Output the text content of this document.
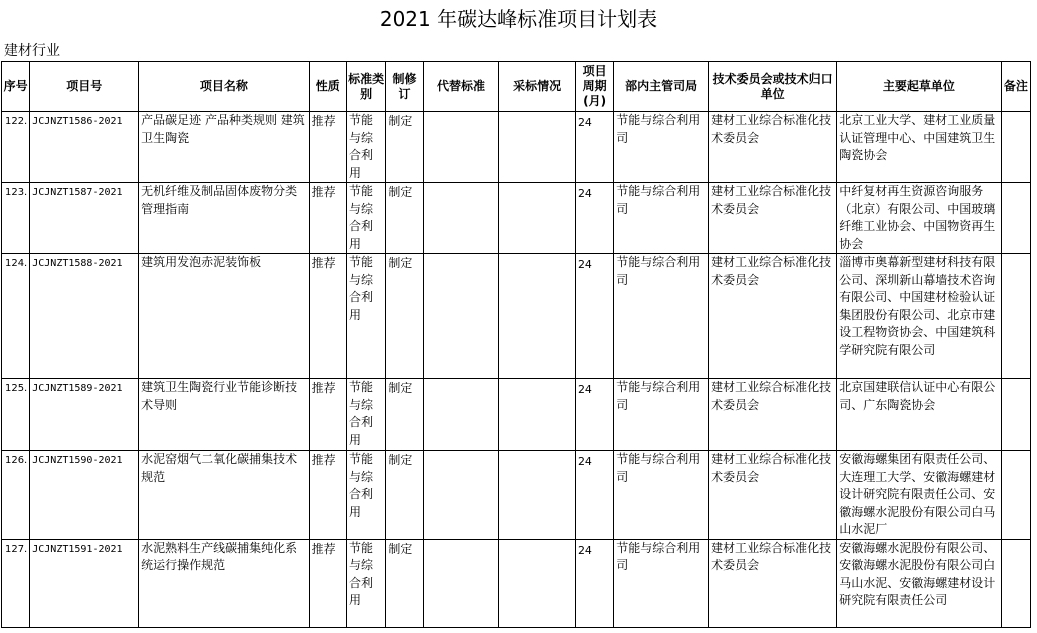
2021 年碳达峰标准项目计划表
建材行业
序号	项目号	项目名称	性质	标准类别	制修订	代替标准	采标情况	项目周期(月)	部内主管司局	技术委员会或技术归口单位	主要起草单位	备注
122.	JCJNZT1586-2021	产品碳足迹 产品种类规则 建筑卫生陶瓷	推荐	节能与综合利用	制定			24	节能与综合利用司	建材工业综合标准化技术委员会	北京工业大学、建材工业质量认证管理中心、中国建筑卫生陶瓷协会	
123.	JCJNZT1587-2021	无机纤维及制品固体废物分类管理指南	推荐	节能与综合利用	制定			24	节能与综合利用司	建材工业综合标准化技术委员会	中纤复材再生资源咨询服务（北京）有限公司、中国玻璃纤维工业协会、中国物资再生协会	
124.	JCJNZT1588-2021	建筑用发泡赤泥装饰板	推荐	节能与综合利用	制定			24	节能与综合利用司	建材工业综合标准化技术委员会	淄博市奥幕新型建材科技有限公司、深圳新山幕墙技术咨询有限公司、中国建材检验认证集团股份有限公司、北京市建设工程物资协会、中国建筑科学研究院有限公司	
125.	JCJNZT1589-2021	建筑卫生陶瓷行业节能诊断技术导则	推荐	节能与综合利用	制定			24	节能与综合利用司	建材工业综合标准化技术委员会	北京国建联信认证中心有限公司、广东陶瓷协会	
126.	JCJNZT1590-2021	水泥窑烟气二氧化碳捕集技术规范	推荐	节能与综合利用	制定			24	节能与综合利用司	建材工业综合标准化技术委员会	安徽海螺集团有限责任公司、大连理工大学、安徽海螺建材设计研究院有限责任公司、安徽海螺水泥股份有限公司白马山水泥厂	
127.	JCJNZT1591-2021	水泥熟料生产线碳捕集纯化系统运行操作规范	推荐	节能与综合利用	制定			24	节能与综合利用司	建材工业综合标准化技术委员会	安徽海螺水泥股份有限公司、安徽海螺水泥股份有限公司白马山水泥、安徽海螺建材设计研究院有限责任公司	
